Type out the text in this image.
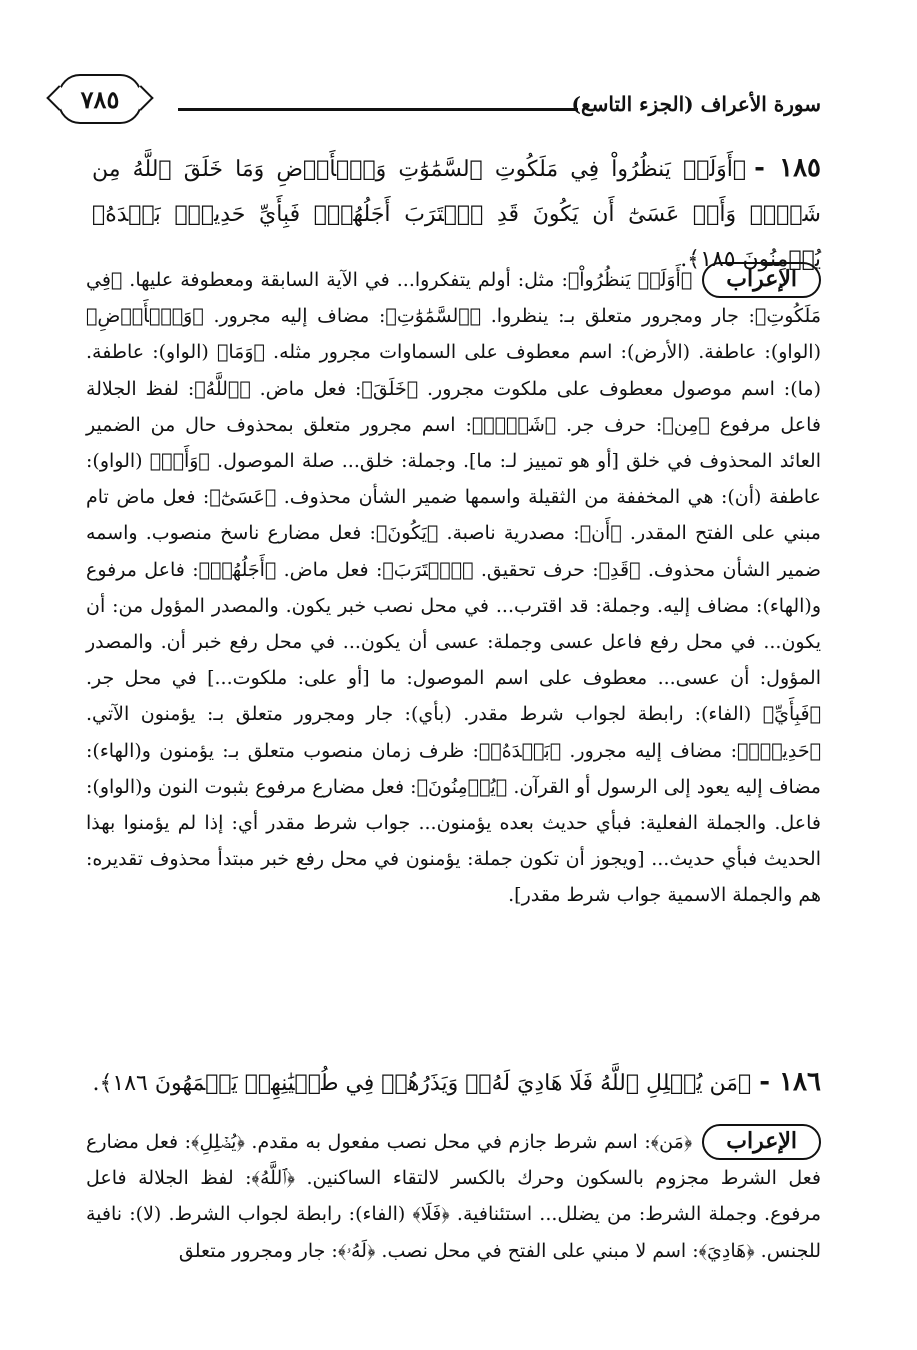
٧٨٥	سورة الأعراف (الجزء التاسع)
١٨٥ -﴿أَوَلَمۡ يَنظُرُواْ فِي مَلَكُوتِ ٱلسَّمَٰوَٰتِ وَٱلۡأَرۡضِ وَمَا خَلَقَ ٱللَّهُ مِن شَيۡءٖ وَأَنۡ عَسَىٰٓ أَن يَكُونَ قَدِ ٱقۡتَرَبَ أَجَلُهُمۡۖ فَبِأَيِّ حَدِيثِۭ بَعۡدَهُۥ يُؤۡمِنُونَ ١٨٥﴾.
الإعراب
﴿أَوَلَمۡ يَنظُرُواْ﴾: مثل: أولم يتفكروا... في الآية السابقة ومعطوفة عليها. ﴿فِي مَلَكُوتِ﴾: جار ومجرور متعلق بـ: ينظروا. ﴿ٱلسَّمَٰوَٰتِ﴾: مضاف إليه مجرور. ﴿وَٱلۡأَرۡضِ﴾ (الواو): عاطفة. (الأرض): اسم معطوف على السماوات مجرور مثله. ﴿وَمَا﴾ (الواو): عاطفة. (ما): اسم موصول معطوف على ملكوت مجرور. ﴿خَلَقَ﴾: فعل ماض. ﴿ٱللَّهُ﴾: لفظ الجلالة فاعل مرفوع ﴿مِن﴾: حرف جر. ﴿شَيۡءٖ﴾: اسم مجرور متعلق بمحذوف حال من الضمير العائد المحذوف في خلق [أو هو تمييز لـ: ما]. وجملة: خلق... صلة الموصول. ﴿وَأَنۡ﴾ (الواو): عاطفة (أن): هي المخففة من الثقيلة واسمها ضمير الشأن محذوف. ﴿عَسَىٰٓ﴾: فعل ماض تام مبني على الفتح المقدر. ﴿أَن﴾: مصدرية ناصبة. ﴿يَكُونَ﴾: فعل مضارع ناسخ منصوب. واسمه ضمير الشأن محذوف. ﴿قَدِ﴾: حرف تحقيق. ﴿ٱقۡتَرَبَ﴾: فعل ماض. ﴿أَجَلُهُمۡ﴾: فاعل مرفوع و(الهاء): مضاف إليه. وجملة: قد اقترب... في محل نصب خبر يكون. والمصدر المؤول من: أن يكون... في محل رفع فاعل عسى وجملة: عسى أن يكون... في محل رفع خبر أن. والمصدر المؤول: أن عسى... معطوف على اسم الموصول: ما [أو على: ملكوت...] في محل جر. ﴿فَبِأَيِّ﴾ (الفاء): رابطة لجواب شرط مقدر. (بأي): جار ومجرور متعلق بـ: يؤمنون الآتي. ﴿حَدِيثِۭ﴾: مضاف إليه مجرور. ﴿بَعۡدَهُۥ﴾: ظرف زمان منصوب متعلق بـ: يؤمنون و(الهاء): مضاف إليه يعود إلى الرسول أو القرآن. ﴿يُؤۡمِنُونَ﴾: فعل مضارع مرفوع بثبوت النون و(الواو): فاعل. والجملة الفعلية: فبأي حديث بعده يؤمنون... جواب شرط مقدر أي: إذا لم يؤمنوا بهذا الحديث فبأي حديث... [ويجوز أن تكون جملة: يؤمنون في محل رفع خبر مبتدأ محذوف تقديره: هم والجملة الاسمية جواب شرط مقدر].
١٨٦ -﴿مَن يُضۡلِلِ ٱللَّهُ فَلَا هَادِيَ لَهُۥۚ وَيَذَرُهُمۡ فِي طُغۡيَٰنِهِمۡ يَعۡمَهُونَ ١٨٦﴾.
الإعراب
﴿مَن﴾: اسم شرط جازم في محل نصب مفعول به مقدم. ﴿يُضۡلِلِ﴾: فعل مضارع فعل الشرط مجزوم بالسكون وحرك بالكسر لالتقاء الساكنين. ﴿ٱللَّهُ﴾: لفظ الجلالة فاعل مرفوع. وجملة الشرط: من يضلل... استئنافية. ﴿فَلَا﴾ (الفاء): رابطة لجواب الشرط. (لا): نافية للجنس. ﴿هَادِيَ﴾: اسم لا مبني على الفتح في محل نصب. ﴿لَهُۥ﴾: جار ومجرور متعلق
